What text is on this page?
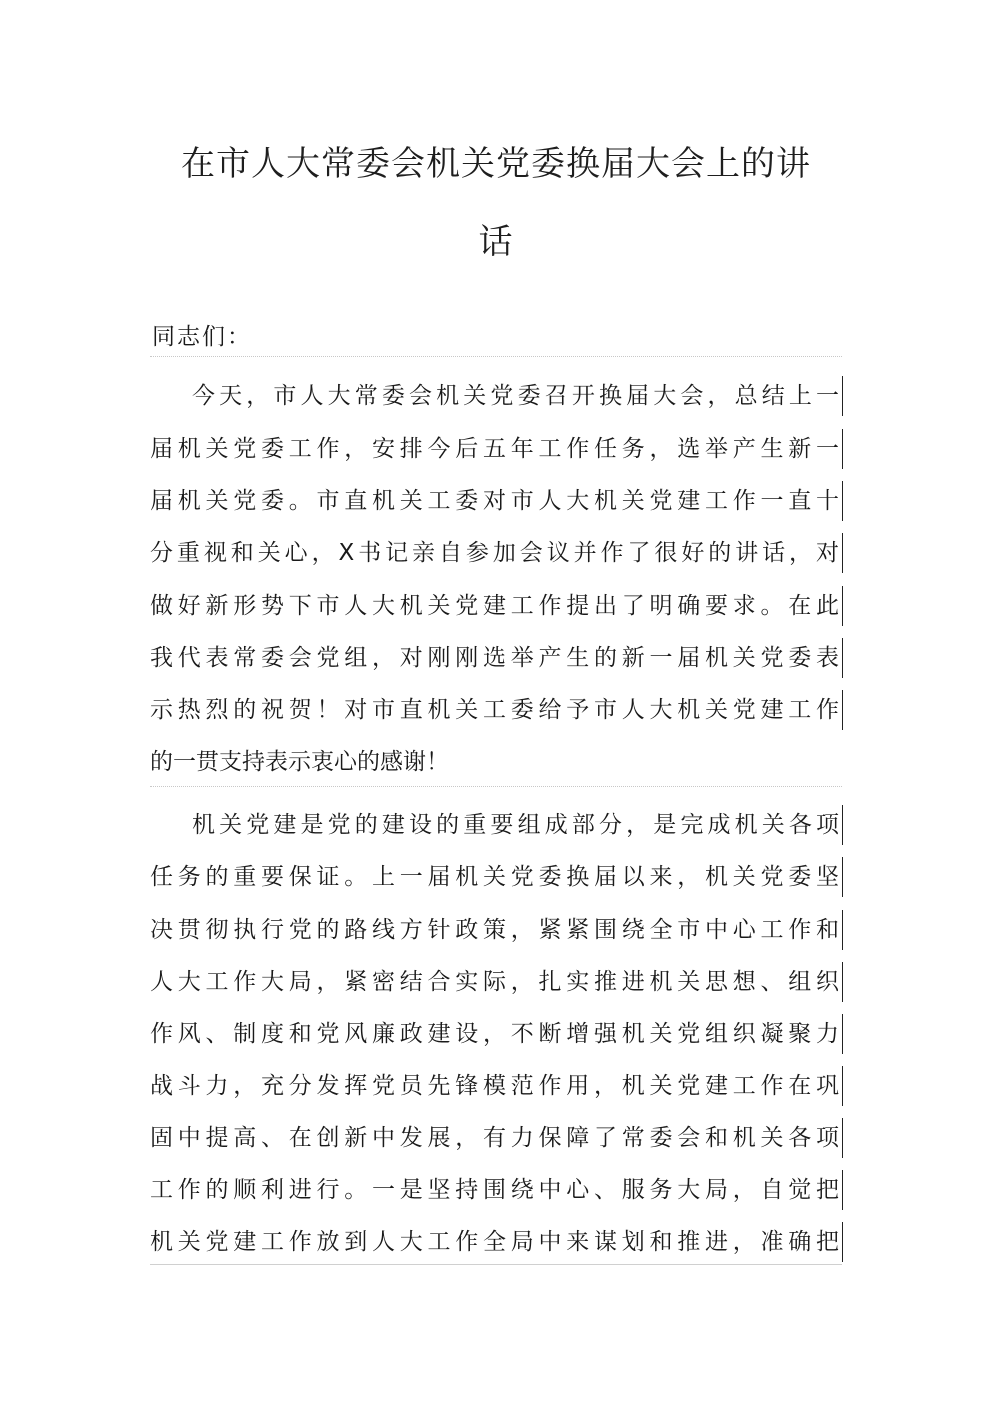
在市人大常委会机关党委换届大会上的讲
话
同志们：
今天，市人大常委会机关党委召开换届大会，总结上一
届机关党委工作，安排今后五年工作任务，选举产生新一
届机关党委。市直机关工委对市人大机关党建工作一直十
分重视和关心，X书记亲自参加会议并作了很好的讲话，对
做好新形势下市人大机关党建工作提出了明确要求。在此
我代表常委会党组，对刚刚选举产生的新一届机关党委表
示热烈的祝贺！对市直机关工委给予市人大机关党建工作
的一贯支持表示衷心的感谢！
机关党建是党的建设的重要组成部分，是完成机关各项
任务的重要保证。上一届机关党委换届以来，机关党委坚
决贯彻执行党的路线方针政策，紧紧围绕全市中心工作和
人大工作大局，紧密结合实际，扎实推进机关思想、组织
作风、制度和党风廉政建设，不断增强机关党组织凝聚力
战斗力，充分发挥党员先锋模范作用，机关党建工作在巩
固中提高、在创新中发展，有力保障了常委会和机关各项
工作的顺利进行。一是坚持围绕中心、服务大局，自觉把
机关党建工作放到人大工作全局中来谋划和推进，准确把
